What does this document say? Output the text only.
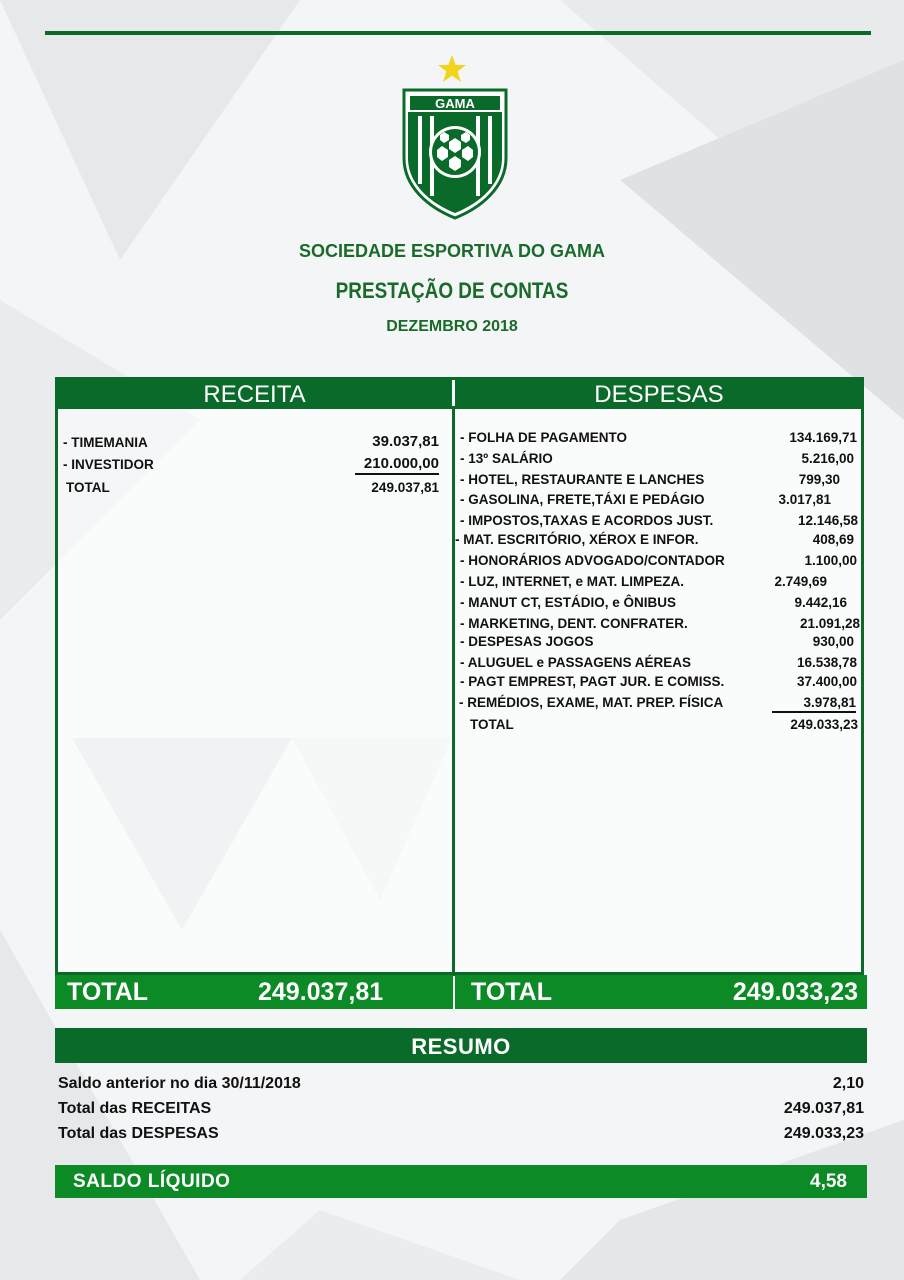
GAMA
SOCIEDADE ESPORTIVA DO GAMA
PRESTAÇÃO DE CONTAS
DEZEMBRO 2018
RECEITA	DESPESAS
- TIMEMANIA	39.037,81
- INVESTIDOR	210.000,00
TOTAL	249.037,81
- FOLHA DE PAGAMENTO	134.169,71
- 13º SALÁRIO	5.216,00
- HOTEL, RESTAURANTE E LANCHES	799,30
- GASOLINA, FRETE,TÁXI E PEDÁGIO	3.017,81
- IMPOSTOS,TAXAS E ACORDOS JUST.	12.146,58
- MAT. ESCRITÓRIO, XÉROX E INFOR.	408,69
- HONORÁRIOS ADVOGADO/CONTADOR	1.100,00
- LUZ, INTERNET, e MAT. LIMPEZA.	2.749,69
- MANUT CT, ESTÁDIO, e ÔNIBUS	9.442,16
- MARKETING, DENT. CONFRATER.	21.091,28
- DESPESAS JOGOS	930,00
- ALUGUEL e PASSAGENS AÉREAS	16.538,78
- PAGT EMPREST, PAGT JUR. E COMISS.	37.400,00
- REMÉDIOS, EXAME, MAT. PREP. FÍSICA	3.978,81
TOTAL	249.033,23
TOTAL	249.037,81	TOTAL	249.033,23
RESUMO
Saldo anterior no dia 30/11/2018	2,10
Total das RECEITAS	249.037,81
Total das DESPESAS	249.033,23
SALDO LÍQUIDO	4,58
